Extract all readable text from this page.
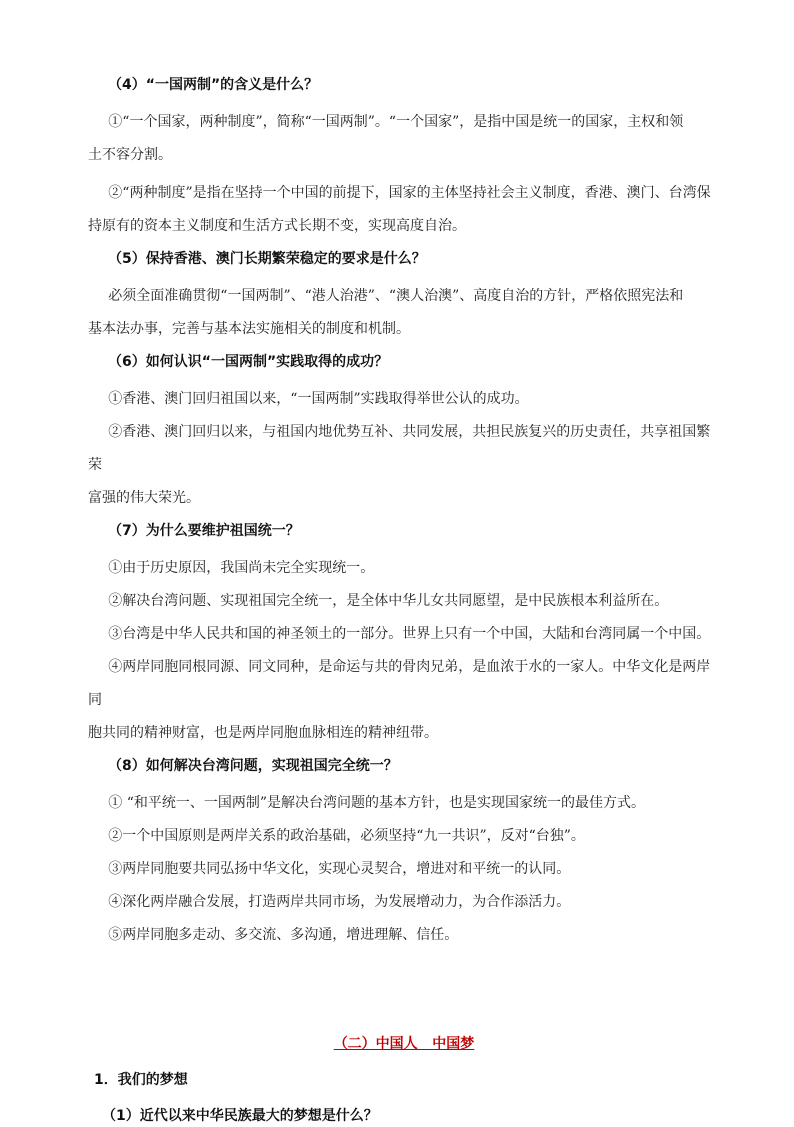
（4）“一国两制”的含义是什么？

①“一个国家，两种制度”，简称“一国两制”。“一个国家”，是指中国是统一的国家，主权和领

土不容分割。

②“两种制度”是指在坚持一个中国的前提下，国家的主体坚持社会主义制度，香港、澳门、台湾保

持原有的资本主义制度和生活方式长期不变，实现高度自治。

（5）保持香港、澳门长期繁荣稳定的要求是什么？

必须全面准确贯彻“一国两制”、“港人治港”、“澳人治澳”、高度自治的方针，严格依照宪法和

基本法办事，完善与基本法实施相关的制度和机制。

（6）如何认识“一国两制”实践取得的成功？

①香港、澳门回归祖国以来，“一国两制”实践取得举世公认的成功。

②香港、澳门回归以来，与祖国内地优势互补、共同发展，共担民族复兴的历史责任，共享祖国繁荣

富强的伟大荣光。

（7）为什么要维护祖国统一？

①由于历史原因，我国尚未完全实现统一。

②解决台湾问题、实现祖国完全统一，是全体中华儿女共同愿望，是中民族根本利益所在。

③台湾是中华人民共和国的神圣领土的一部分。世界上只有一个中国，大陆和台湾同属一个中国。

④两岸同胞同根同源、同文同种，是命运与共的骨肉兄弟，是血浓于水的一家人。中华文化是两岸同

胞共同的精神财富，也是两岸同胞血脉相连的精神纽带。

（8）如何解决台湾问题，实现祖国完全统一？

① “和平统一、一国两制”是解决台湾问题的基本方针，也是实现国家统一的最佳方式。

②一个中国原则是两岸关系的政治基础，必须坚持“九一共识”，反对“台独”。

③两岸同胞要共同弘扬中华文化，实现心灵契合，增进对和平统一的认同。

④深化两岸融合发展，打造两岸共同市场，为发展增动力，为合作添活力。

⑤两岸同胞多走动、多交流、多沟通，增进理解、信任。

（二）中国人   中国梦
1．我们的梦想
（1）近代以来中华民族最大的梦想是什么？
